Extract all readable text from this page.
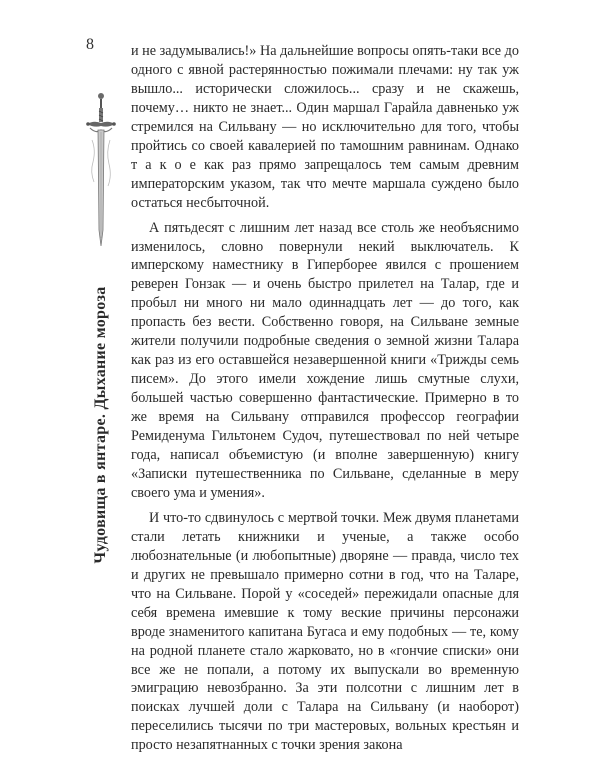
8
Чудовища в янтаре. Дыхание мороза

и не задумывались!» На дальнейшие вопросы опять-таки все до одного с явной растерянностью пожимали плечами: ну так уж вышло... исторически сложилось... сразу и не скажешь, почему… никто не знает... Один маршал Гарайла давненько уж стремился на Сильвану — но исключительно для того, чтобы пройтись со своей кавалерией по тамошним равнинам. Однако т а к о е как раз прямо запрещалось тем самым древним императорским указом, так что мечте маршала суждено было остаться несбыточной.

А пятьдесят с лишним лет назад все столь же необъяснимо изменилось, словно повернули некий выключатель. К имперскому наместнику в Гиперборее явился с прошением реверен Гонзак — и очень быстро прилетел на Талар, где и пробыл ни много ни мало одиннадцать лет — до того, как пропасть без вести. Собственно говоря, на Сильване земные жители получили подробные сведения о земной жизни Талара как раз из его оставшейся незавершенной книги «Трижды семь писем». До этого имели хождение лишь смутные слухи, большей частью совершенно фантастические. Примерно в то же время на Сильвану отправился профессор географии Ремиденума Гильтонем Судоч, путешествовал по ней четыре года, написал объемистую (и вполне завершенную) книгу «Записки путешественника по Сильване, сделанные в меру своего ума и умения».

И что-то сдвинулось с мертвой точки. Меж двумя планетами стали летать книжники и ученые, а также особо любознательные (и любопытные) дворяне — правда, число тех и других не превышало примерно сотни в год, что на Таларе, что на Сильване. Порой у «соседей» пережидали опасные для себя времена имевшие к тому веские причины персонажи вроде знаменитого капитана Бугаса и ему подобных — те, кому на родной планете стало жарковато, но в «гончие списки» они все же не попали, а потому их выпускали во временную эмиграцию невозбранно. За эти полсотни с лишним лет в поисках лучшей доли с Талара на Сильвану (и наоборот) переселились тысячи по три мастеровых, вольных крестьян и просто незапятнанных с точки зрения закона
